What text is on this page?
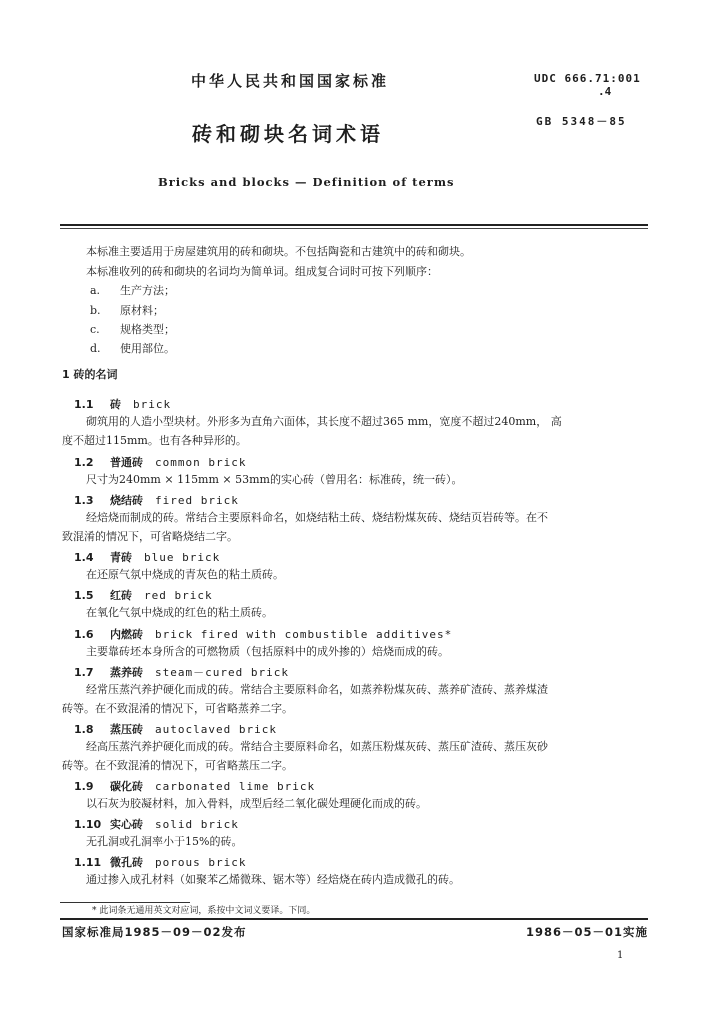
中华人民共和国国家标准	UDC 666.71:001
.4
GB 5348－85
砖和砌块名词术语
Bricks and blocks — Definition of terms
本标准主要适用于房屋建筑用的砖和砌块。不包括陶瓷和古建筑中的砖和砌块。
本标准收列的砖和砌块的名词均为简单词。组成复合词时可按下列顺序：
a. 生产方法；
b. 原材料；
c. 规格类型；
d. 使用部位。
1 砖的名词
1.1 砖 brick
砌筑用的人造小型块材。外形多为直角六面体，其长度不超过365 mm，宽度不超过240mm， 高
度不超过115mm。也有各种异形的。
1.2 普通砖 common brick
尺寸为240mm × 115mm × 53mm的实心砖（曾用名：标准砖，统一砖）。
1.3 烧结砖 fired brick
经焙烧而制成的砖。常结合主要原料命名，如烧结粘土砖、烧结粉煤灰砖、烧结页岩砖等。在不
致混淆的情况下，可省略烧结二字。
1.4 青砖 blue brick
在还原气氛中烧成的青灰色的粘土质砖。
1.5 红砖 red brick
在氧化气氛中烧成的红色的粘土质砖。
1.6 内燃砖 brick fired with combustible additives*
主要靠砖坯本身所含的可燃物质（包括原料中的成外掺的）焙烧而成的砖。
1.7 蒸养砖 steam－cured brick
经常压蒸汽养护硬化而成的砖。常结合主要原料命名，如蒸养粉煤灰砖、蒸养矿渣砖、蒸养煤渣
砖等。在不致混淆的情况下，可省略蒸养二字。
1.8 蒸压砖 autoclaved brick
经高压蒸汽养护硬化而成的砖。常结合主要原料命名，如蒸压粉煤灰砖、蒸压矿渣砖、蒸压灰砂
砖等。在不致混淆的情况下，可省略蒸压二字。
1.9 碳化砖 carbonated lime brick
以石灰为胶凝材料，加入骨料，成型后经二氧化碳处理硬化而成的砖。
1.10 实心砖 solid brick
无孔洞或孔洞率小于15%的砖。
1.11 微孔砖 porous brick
通过掺入成孔材料（如聚苯乙烯微珠、锯木等）经焙烧在砖内造成微孔的砖。
* 此词条无通用英文对应词，系按中文词义要译。下同。
国家标准局1985－09－02发布	1986－05－01实施
1
